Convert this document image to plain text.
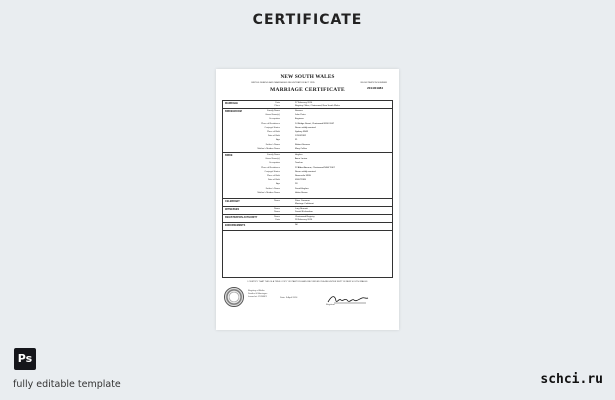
CERTIFICATE
NEW SOUTH WALES
BIRTHS DEATHS AND MARRIAGES REGISTRATION ACT 1995	REGISTRATION NUMBER
2014/01984
MARRIAGE CERTIFICATE
MARRIAGE	Date	27 February 2014
Place	Registry Office, Chatswood, New South Wales
BRIDEGROOM	Family Name	Stevens
Given Name(s)	John Peter
Occupation	Engineer
Place of Residence	14 Bridge Street, Chatswood NSW 2067
Conjugal Status	Never validly married
Place of Birth	Sydney NSW
Date of Birth	12/03/1982
Age	31
Father's Name	Robert Stevens
Mother's Maiden Name	Mary Collins
BRIDE	Family Name	Hughes
Given Name(s)	Anne Louise
Occupation	Teacher
Place of Residence	22 Albert Avenue, Chatswood NSW 2067
Conjugal Status	Never validly married
Place of Birth	Newcastle NSW
Date of Birth	05/07/1985
Age	28
Father's Name	David Hughes
Mother's Maiden Name	Helen Brown
CELEBRANT	Name	Peter Cameron
Marriage Celebrant
WITNESSES	Name	Lucy Bennett
Name	Daniel Richardson
REGISTRATION AUTHORITY	Name	Chatswood Registry
Date	28 February 2014
ENDORSEMENTS	Nil
I CERTIFY THAT THIS IS A TRUE COPY OF PARTICULARS RECORDED IN A REGISTER KEPT IN NEW SOUTH WALES
Registry of Births
Deaths & Marriages
Issued at: SYDNEY	Date: 3 April 2014
Registrar
Ps
fully editable template	schci.ru
